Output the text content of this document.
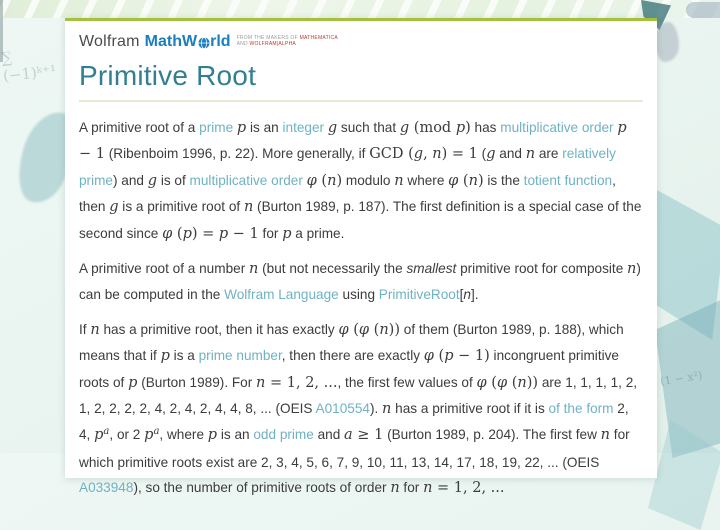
∑ (−1)ᵏ⁺¹
(1 − x²)
Wolfram MathW rld FROM THE MAKERS OF MATHEMATICA
AND WOLFRAM|ALPHA
Primitive Root

A primitive root of a prime p is an integer g such that g (mod p) has multiplicative order p − 1 (Ribenboim 1996, p. 22). More generally, if GCD (g, n) = 1 (g and n are relatively prime) and g is of multiplicative order φ (n) modulo n where φ (n) is the totient function, then g is a primitive root of n (Burton 1989, p. 187). The first definition is a special case of the second since φ (p) = p − 1 for p a prime.

A primitive root of a number n (but not necessarily the smallest primitive root for composite n) can be computed in the Wolfram Language using PrimitiveRoot[n].

If n has a primitive root, then it has exactly φ (φ (n)) of them (Burton 1989, p. 188), which means that if p is a prime number, then there are exactly φ (p − 1) incongruent primitive roots of p (Burton 1989). For n = 1, 2, ..., the first few values of φ (φ (n)) are 1, 1, 1, 1, 2, 1, 2, 2, 2, 2, 4, 2, 4, 2, 4, 4, 8, ... (OEIS A010554). n has a primitive root if it is of the form 2, 4, $p^a$, or 2 $p^a$, where p is an odd prime and a ≥ 1 (Burton 1989, p. 204). The first few n for which primitive roots exist are 2, 3, 4, 5, 6, 7, 9, 10, 11, 13, 14, 17, 18, 19, 22, ... (OEIS A033948), so the number of primitive roots of order n for n = 1, 2, ...
